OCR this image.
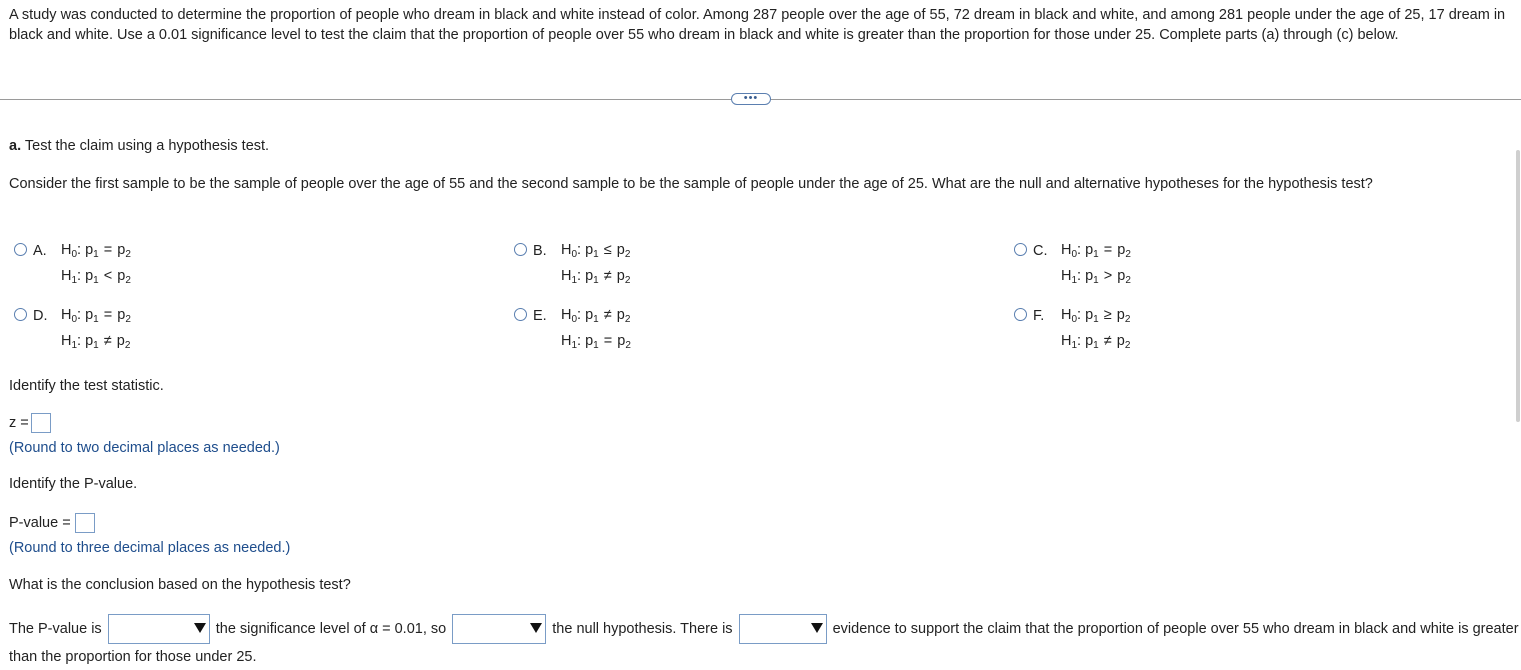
A study was conducted to determine the proportion of people who dream in black and white instead of color. Among 287 people over the age of 55, 72 dream in black and white, and among 281 people under the age of 25, 17 dream in black and white. Use a 0.01 significance level to test the claim that the proportion of people over 55 who dream in black and white is greater than the proportion for those under 25. Complete parts (a) through (c) below.
•••
a. Test the claim using a hypothesis test.
Consider the first sample to be the sample of people over the age of 55 and the second sample to be the sample of people under the age of 25. What are the null and alternative hypotheses for the hypothesis test?
A. $H_0$: $p_1 = p_2$
$H_1$: $p_1 < p_2$
B. $H_0$: $p_1 \le p_2$
$H_1$: $p_1 \ne p_2$
C. $H_0$: $p_1 = p_2$
$H_1$: $p_1 > p_2$
D. $H_0$: $p_1 = p_2$
$H_1$: $p_1 \ne p_2$
E. $H_0$: $p_1 \ne p_2$
$H_1$: $p_1 = p_2$
F. $H_0$: $p_1 \ge p_2$
$H_1$: $p_1 \ne p_2$
Identify the test statistic.
z =
(Round to two decimal places as needed.)
Identify the P-value.
P-value =
(Round to three decimal places as needed.)
What is the conclusion based on the hypothesis test?
The P-value is	the significance level of α = 0.01, so	the null hypothesis. There is	evidence to support the claim that the proportion of people over 55 who dream in black and white is greater than the proportion for those under 25.
